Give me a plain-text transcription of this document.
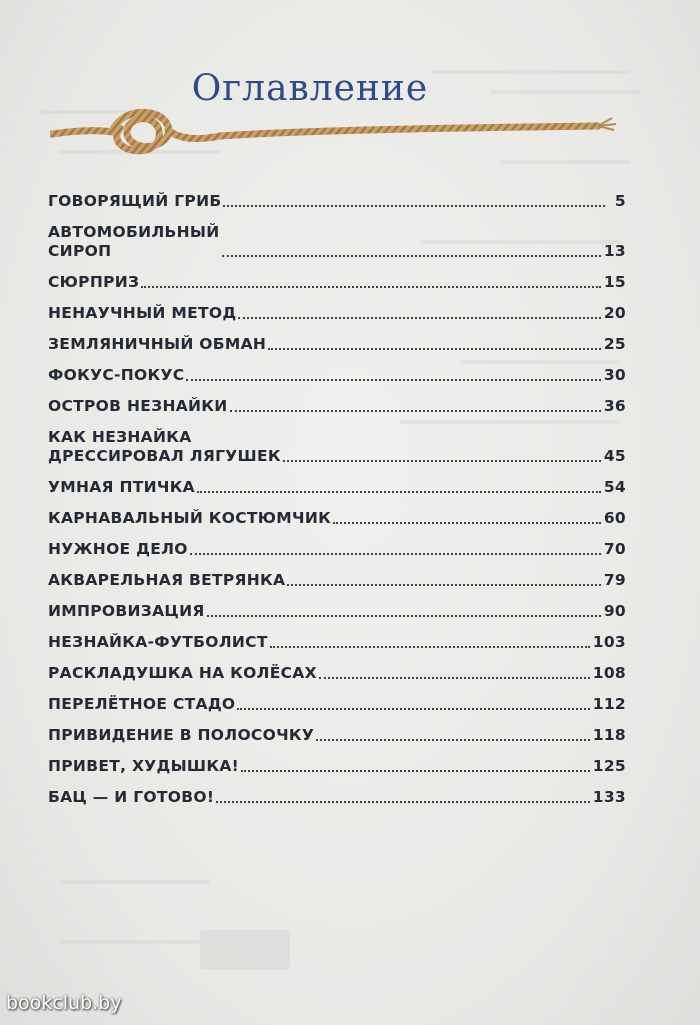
Оглавление
ГОВОРЯЩИЙ ГРИБ	5
АВТОМОБИЛЬНЫЙ
СИРОП	13
СЮРПРИЗ	15
НЕНАУЧНЫЙ МЕТОД	20
ЗЕМЛЯНИЧНЫЙ ОБМАН	25
ФОКУС-ПОКУС	30
ОСТРОВ НЕЗНАЙКИ	36
КАК НЕЗНАЙКА
ДРЕССИРОВАЛ ЛЯГУШЕК	45
УМНАЯ ПТИЧКА	54
КАРНАВАЛЬНЫЙ КОСТЮМЧИК	60
НУЖНОЕ ДЕЛО	70
АКВАРЕЛЬНАЯ ВЕТРЯНКА	79
ИМПРОВИЗАЦИЯ	90
НЕЗНАЙКА-ФУТБОЛИСТ	103
РАСКЛАДУШКА НА КОЛЁСАХ	108
ПЕРЕЛЁТНОЕ СТАДО	112
ПРИВИДЕНИЕ В ПОЛОСОЧКУ	118
ПРИВЕТ, ХУДЫШКА!	125
БАЦ — И ГОТОВО!	133
bookclub.by
